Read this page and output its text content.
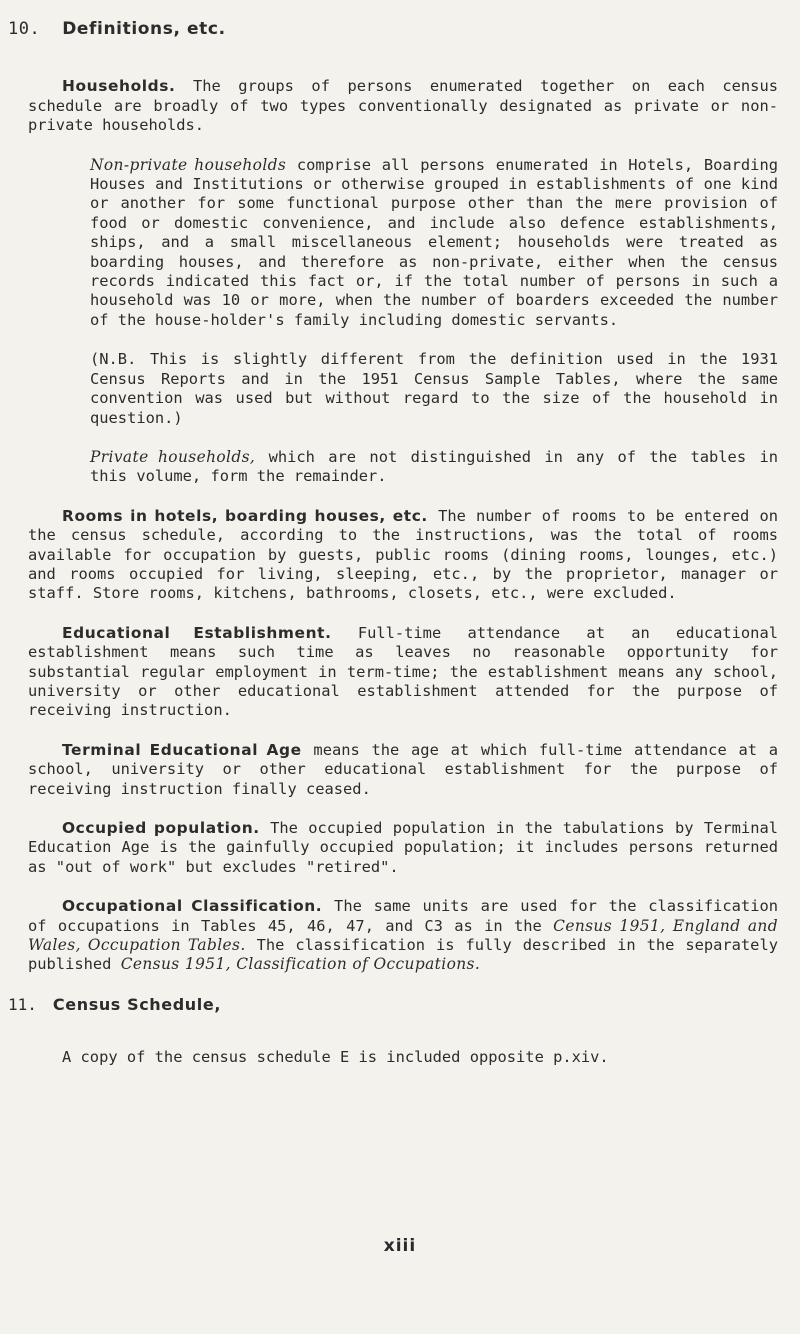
10. Definitions, etc.

Households. The groups of persons enumerated together on each census schedule are broadly of two types conventionally designated as private or non-private households.

Non-private households comprise all persons enumerated in Hotels, Boarding Houses and Institutions or otherwise grouped in establishments of one kind or another for some functional purpose other than the mere provision of food or domestic convenience, and include also defence establishments, ships, and a small miscellaneous element; households were treated as boarding houses, and therefore as non-private, either when the census records indicated this fact or, if the total number of persons in such a household was 10 or more, when the number of boarders exceeded the number of the house-holder's family including domestic servants.

(N.B. This is slightly different from the definition used in the 1931 Census Reports and in the 1951 Census Sample Tables, where the same convention was used but without regard to the size of the household in question.)

Private households, which are not distinguished in any of the tables in this volume, form the remainder.

Rooms in hotels, boarding houses, etc. The number of rooms to be entered on the census schedule, according to the instructions, was the total of rooms available for occupation by guests, public rooms (dining rooms, lounges, etc.) and rooms occupied for living, sleeping, etc., by the proprietor, manager or staff. Store rooms, kitchens, bathrooms, closets, etc., were excluded.

Educational Establishment. Full-time attendance at an educational establishment means such time as leaves no reasonable opportunity for substantial regular employment in term-time; the establishment means any school, university or other educational establishment attended for the purpose of receiving instruction.

Terminal Educational Age means the age at which full-time attendance at a school, university or other educational establishment for the purpose of receiving instruction finally ceased.

Occupied population. The occupied population in the tabulations by Terminal Education Age is the gainfully occupied population; it includes persons returned as "out of work" but excludes "retired".

Occupational Classification. The same units are used for the classification of occupations in Tables 45, 46, 47, and C3 as in the Census 1951, England and Wales, Occupation Tables. The classification is fully described in the separately published Census 1951, Classification of Occupations.

11. Census Schedule,

A copy of the census schedule E is included opposite p.xiv.

xiii
